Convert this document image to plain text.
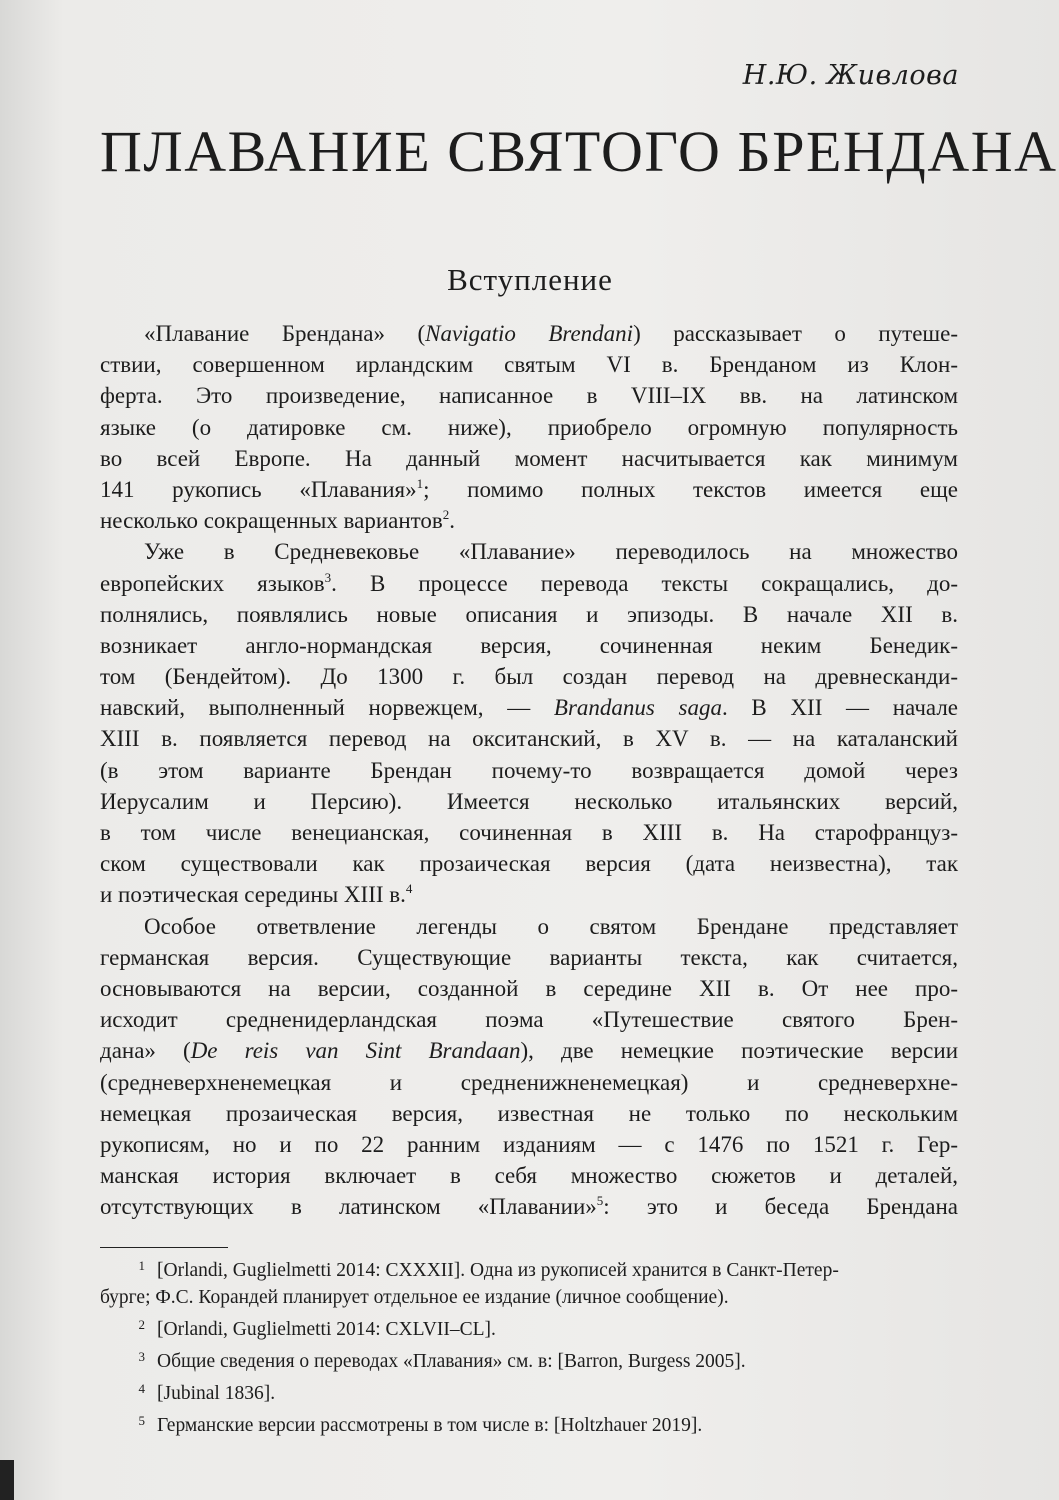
Н.Ю. Живлова
ПЛАВАНИЕ СВЯТОГО БРЕНДАНА
Вступление
«Плавание Брендана» (Navigatio Brendani) рассказывает о путеше-
ствии, совершенном ирландским святым VI в. Бренданом из Клон-
ферта. Это произведение, написанное в VIII–IX вв. на латинском
языке (о датировке см. ниже), приобрело огромную популярность
во всей Европе. На данный момент насчитывается как минимум
141 рукопись «Плавания»$^1$; помимо полных текстов имеется еще
несколько сокращенных вариантов$^2$.
Уже в Средневековье «Плавание» переводилось на множество
европейских языков$^3$. В процессе перевода тексты сокращались, до-
полнялись, появлялись новые описания и эпизоды. В начале XII в.
возникает англо-нормандская версия, сочиненная неким Бенедик-
том (Бендейтом). До 1300 г. был создан перевод на древнесканди-
навский, выполненный норвежцем, — Brandanus saga. В XII — начале
XIII в. появляется перевод на окситанский, в XV в. — на каталанский
(в этом варианте Брендан почему-то возвращается домой через
Иерусалим и Персию). Имеется несколько итальянских версий,
в том числе венецианская, сочиненная в XIII в. На старофранцуз-
ском существовали как прозаическая версия (дата неизвестна), так
и поэтическая середины XIII в.$^4$
Особое ответвление легенды о святом Брендане представляет
германская версия. Существующие варианты текста, как считается,
основываются на версии, созданной в середине XII в. От нее про-
исходит средненидерландская поэма «Путешествие святого Брен-
дана» (De reis van Sint Brandaan), две немецкие поэтические версии
(средневерхненемецкая и средненижненемецкая) и средневерхне-
немецкая прозаическая версия, известная не только по нескольким
рукописям, но и по 22 ранним изданиям — с 1476 по 1521 г. Гер-
манская история включает в себя множество сюжетов и деталей,
отсутствующих в латинском «Плавании»$^5$: это и беседа Брендана
1 [Orlandi, Guglielmetti 2014: CXXXII]. Одна из рукописей хранится в Санкт-Петер-
бурге; Ф.С. Корандей планирует отдельное ее издание (личное сообщение).
2 [Orlandi, Guglielmetti 2014: CXLVII–CL].
3 Общие сведения о переводах «Плавания» см. в: [Barron, Burgess 2005].
4 [Jubinal 1836].
5 Германские версии рассмотрены в том числе в: [Holtzhauer 2019].
